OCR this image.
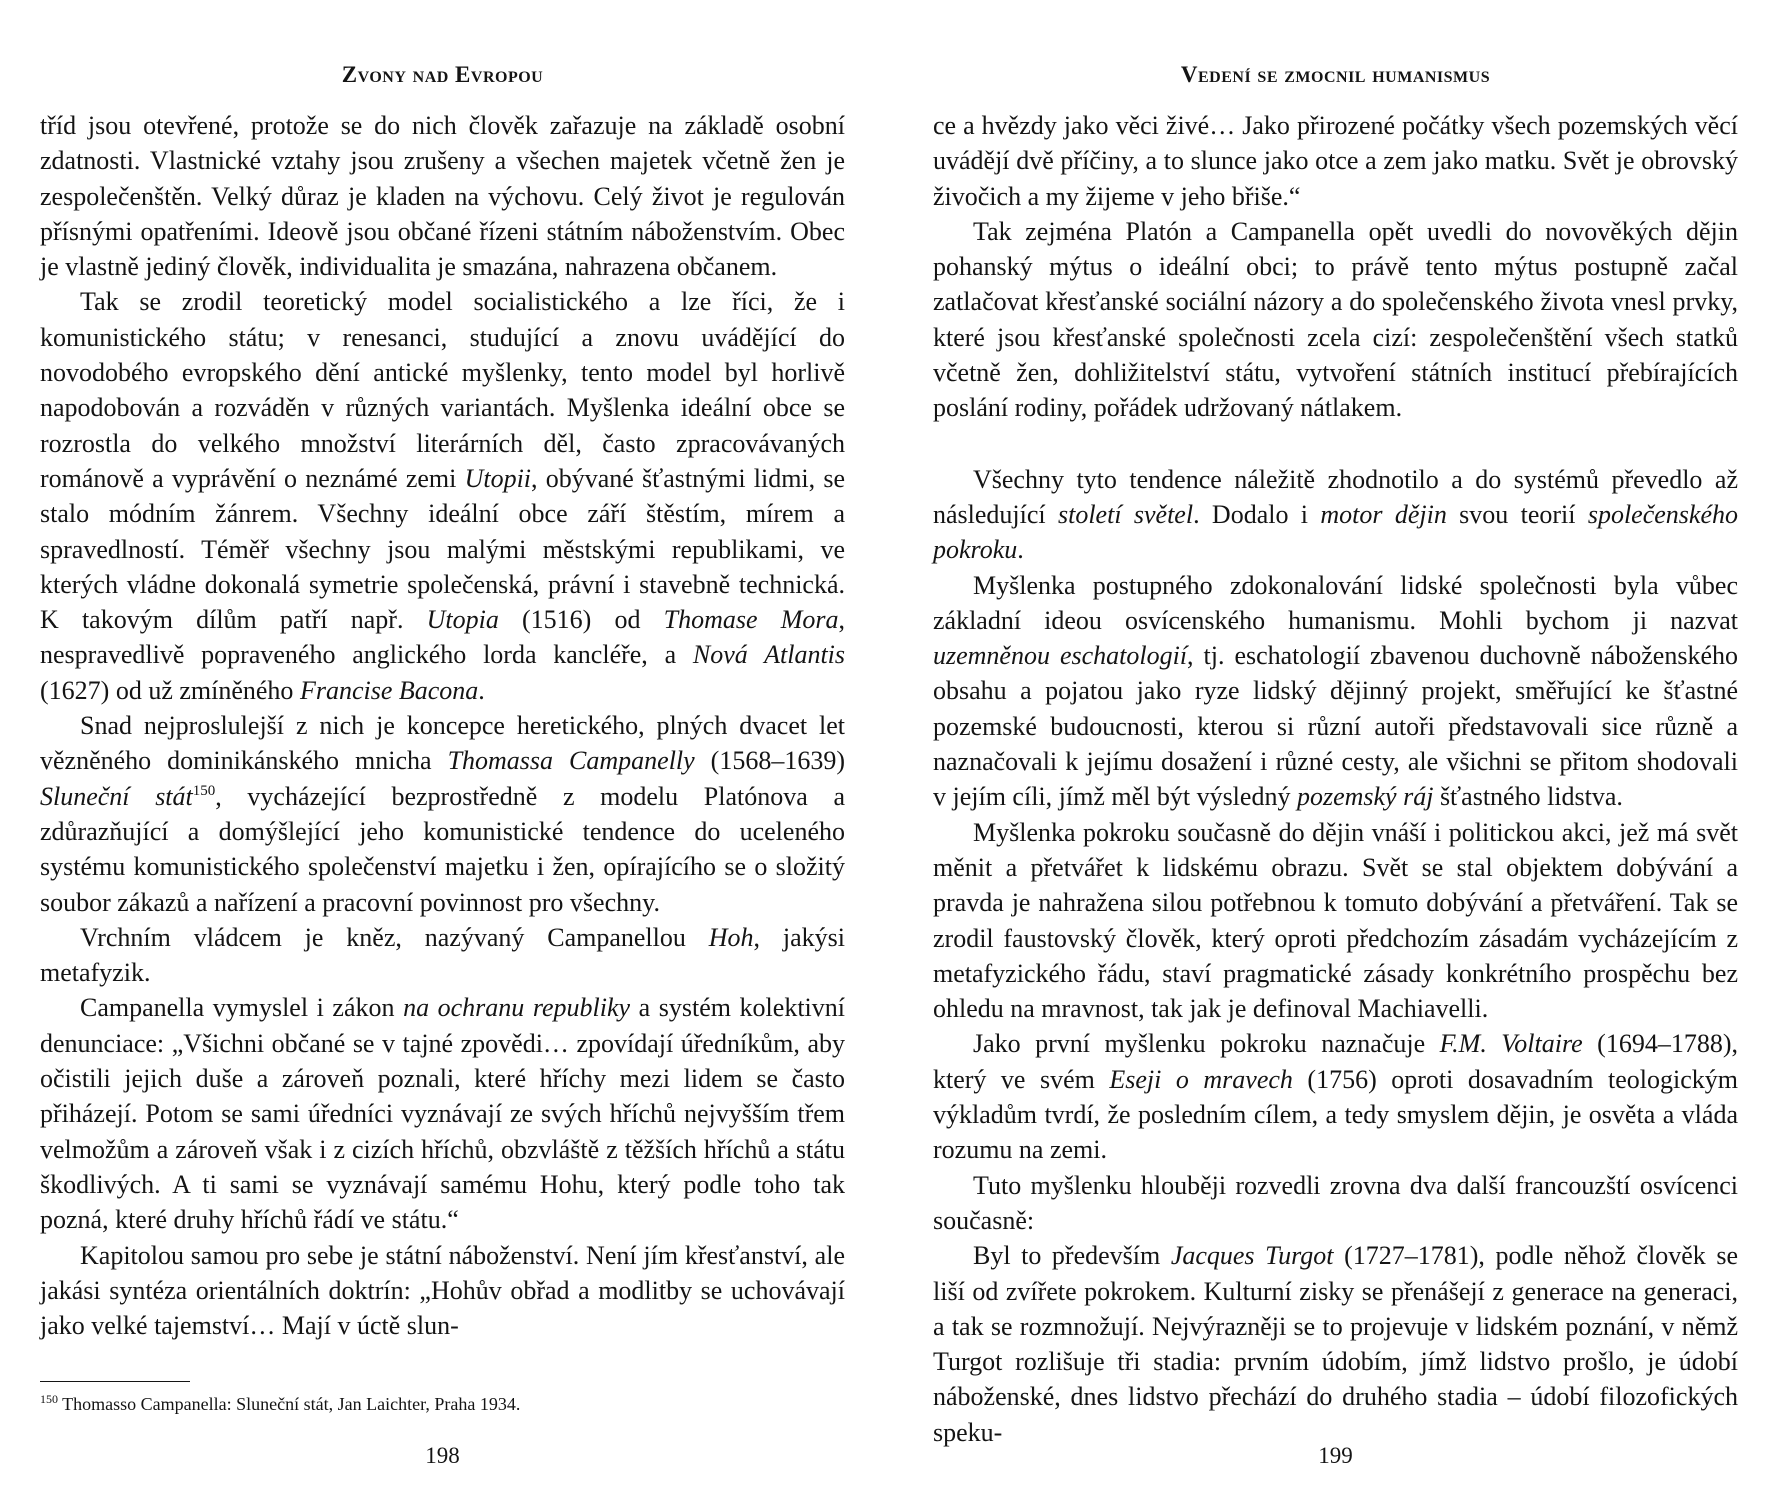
Zvony nad Evropou

tříd jsou otevřené, protože se do nich člověk zařazuje na základě osobní zdatnosti. Vlastnické vztahy jsou zrušeny a všechen majetek včetně žen je zespolečenštěn. Velký důraz je kladen na výchovu. Celý život je regulován přísnými opatřeními. Ideově jsou občané řízeni státním náboženstvím. Obec je vlastně jediný člověk, individualita je smazána, nahrazena občanem.

Tak se zrodil teoretický model socialistického a lze říci, že i komunistického státu; v renesanci, studující a znovu uvádějící do novodobého evropského dění antické myšlenky, tento model byl horlivě napodobován a rozváděn v různých variantách. Myšlenka ideální obce se rozrostla do velkého množství literárních děl, často zpracovávaných románově a vyprávění o neznámé zemi Utopii, obývané šťastnými lidmi, se stalo módním žánrem. Všechny ideální obce září štěstím, mírem a spravedlností. Téměř všechny jsou malými městskými republikami, ve kterých vládne dokonalá symetrie společenská, právní i stavebně technická. K takovým dílům patří např. Utopia (1516) od Thomase Mora, nespravedlivě popraveného anglického lorda kancléře, a Nová Atlantis (1627) od už zmíněného Francise Bacona.

Snad nejproslulejší z nich je koncepce heretického, plných dvacet let vězněného dominikánského mnicha Thomassa Campanelly (1568–1639) Sluneční stát$^{150}$, vycházející bezprostředně z modelu Platónova a zdůrazňující a domýšlející jeho komunistické tendence do uceleného systému komunistického společenství majetku i žen, opírajícího se o složitý soubor zákazů a nařízení a pracovní povinnost pro všechny.

Vrchním vládcem je kněz, nazývaný Campanellou Hoh, jakýsi metafyzik.

Campanella vymyslel i zákon na ochranu republiky a systém kolektivní denunciace: „Všichni občané se v tajné zpovědi… zpovídají úředníkům, aby očistili jejich duše a zároveň poznali, které hříchy mezi lidem se často přiházejí. Potom se sami úředníci vyznávají ze svých hříchů nejvyšším třem velmožům a zároveň však i z cizích hříchů, obzvláště z těžších hříchů a státu škodlivých. A ti sami se vyznávají samému Hohu, který podle toho tak pozná, které druhy hříchů řádí ve státu.“

Kapitolou samou pro sebe je státní náboženství. Není jím křesťanství, ale jakási syntéza orientálních doktrín: „Hohův obřad a modlitby se uchovávají jako velké tajemství… Mají v úctě slun-

$^{150}$ Thomasso Campanella: Sluneční stát, Jan Laichter, Praha 1934.

198
Vedení se zmocnil humanismus

ce a hvězdy jako věci živé… Jako přirozené počátky všech pozemských věcí uvádějí dvě příčiny, a to slunce jako otce a zem jako matku. Svět je obrovský živočich a my žijeme v jeho břiše.“

Tak zejména Platón a Campanella opět uvedli do novověkých dějin pohanský mýtus o ideální obci; to právě tento mýtus postupně začal zatlačovat křesťanské sociální názory a do společenského života vnesl prvky, které jsou křesťanské společnosti zcela cizí: zespolečenštění všech statků včetně žen, dohližitelství státu, vytvoření státních institucí přebírajících poslání rodiny, pořádek udržovaný nátlakem.

Všechny tyto tendence náležitě zhodnotilo a do systémů převedlo až následující století světel. Dodalo i motor dějin svou teorií společenského pokroku.

Myšlenka postupného zdokonalování lidské společnosti byla vůbec základní ideou osvícenského humanismu. Mohli bychom ji nazvat uzemněnou eschatologií, tj. eschatologií zbavenou duchovně náboženského obsahu a pojatou jako ryze lidský dějinný projekt, směřující ke šťastné pozemské budoucnosti, kterou si různí autoři představovali sice různě a naznačovali k jejímu dosažení i různé cesty, ale všichni se přitom shodovali v jejím cíli, jímž měl být výsledný pozemský ráj šťastného lidstva.

Myšlenka pokroku současně do dějin vnáší i politickou akci, jež má svět měnit a přetvářet k lidskému obrazu. Svět se stal objektem dobývání a pravda je nahražena silou potřebnou k tomuto dobývání a přetváření. Tak se zrodil faustovský člověk, který oproti předchozím zásadám vycházejícím z metafyzického řádu, staví pragmatické zásady konkrétního prospěchu bez ohledu na mravnost, tak jak je definoval Machiavelli.

Jako první myšlenku pokroku naznačuje F.M. Voltaire (1694–1788), který ve svém Eseji o mravech (1756) oproti dosavadním teologickým výkladům tvrdí, že posledním cílem, a tedy smyslem dějin, je osvěta a vláda rozumu na zemi.

Tuto myšlenku hlouběji rozvedli zrovna dva další francouzští osvícenci současně:

Byl to především Jacques Turgot (1727–1781), podle něhož člověk se liší od zvířete pokrokem. Kulturní zisky se přenášejí z generace na generaci, a tak se rozmnožují. Nejvýrazněji se to projevuje v lidském poznání, v němž Turgot rozlišuje tři stadia: prvním údobím, jímž lidstvo prošlo, je údobí náboženské, dnes lidstvo přechází do druhého stadia – údobí filozofických speku-

199
